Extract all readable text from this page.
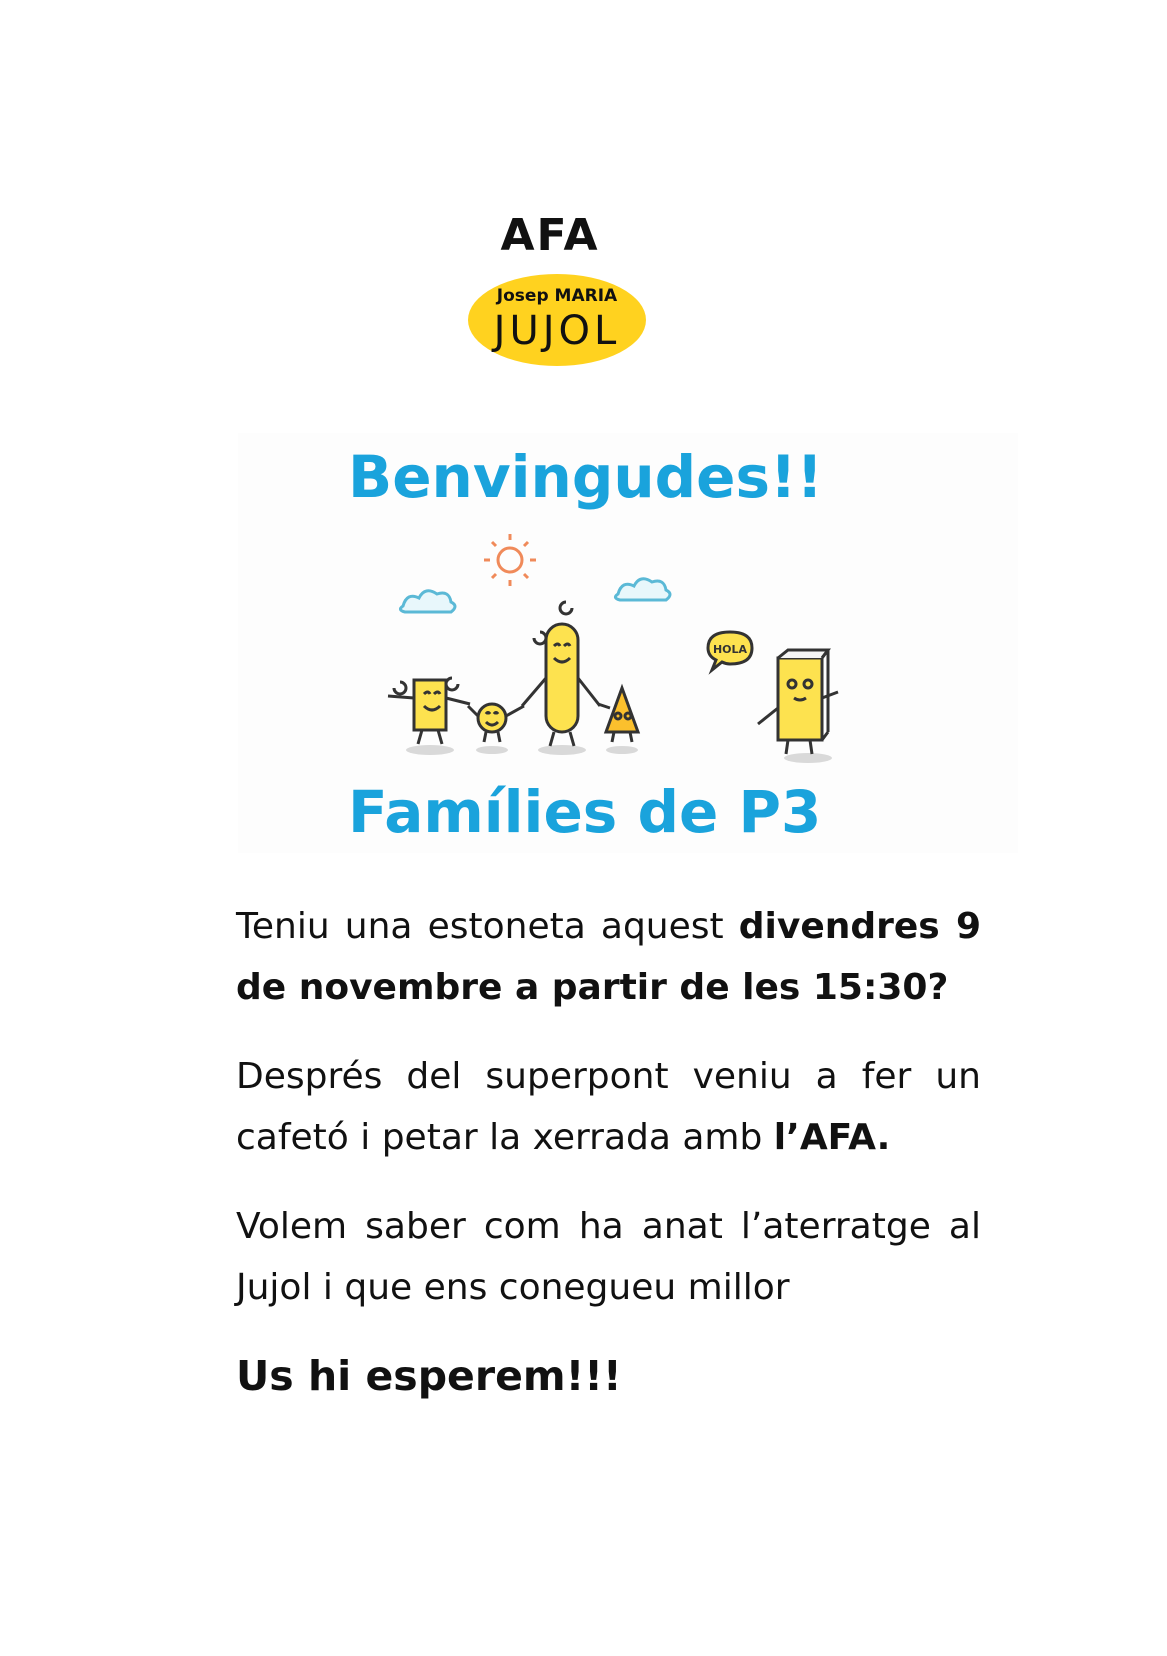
AFA
Josep MARIA
JUJOL
Benvingudes!!
HOLA
Famílies de P3
Teniu una estoneta aquest divendres 9 de novembre a partir de les 15:30?
Després del superpont veniu a fer un cafetó i petar la xerrada amb l’AFA.
Volem saber com ha anat l’aterratge al Jujol i que ens conegueu millor
Us hi esperem!!!
